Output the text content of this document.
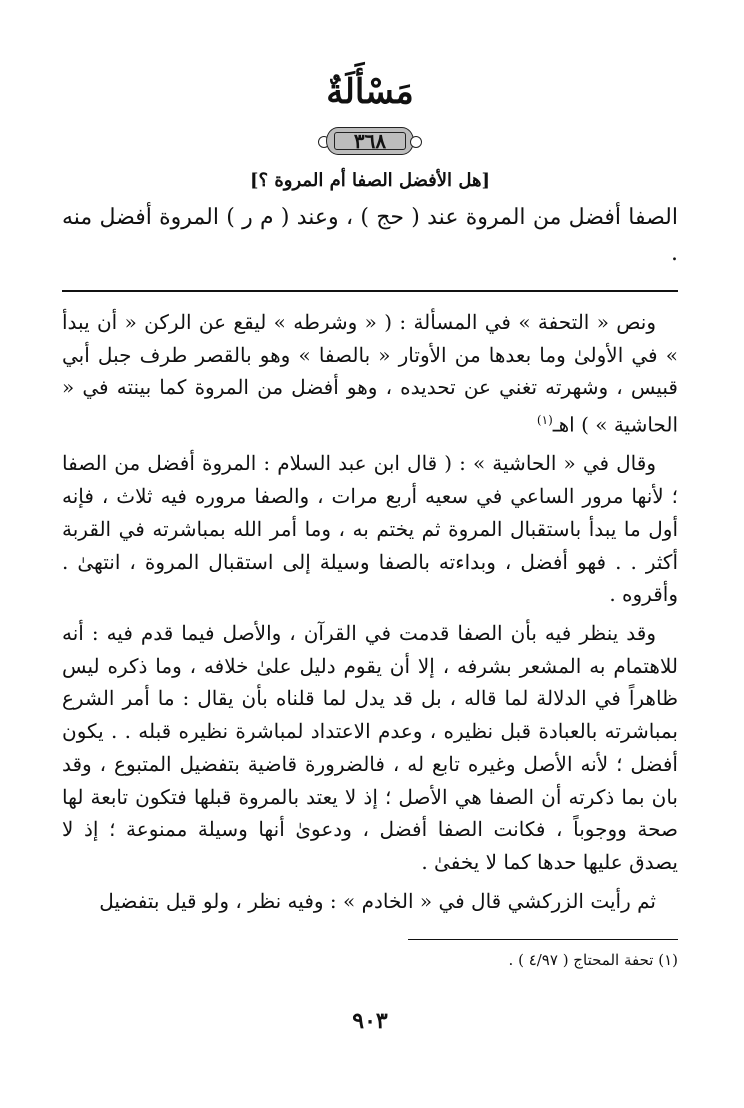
مَسْأَلَةٌ
٣٦٨
[هل الأفضل الصفا أم المروة ؟]
الصفا أفضل من المروة عند ( حج ) ، وعند ( م ر ) المروة أفضل منه .

ونص « التحفة » في المسألة : ( « وشرطه » ليقع عن الركن « أن يبدأ » في الأولىٰ وما بعدها من الأوتار « بالصفا » وهو بالقصر طرف جبل أبي قبيس ، وشهرته تغني عن تحديده ، وهو أفضل من المروة كما بينته في « الحاشية » ) اهـ$^{(١)}$

وقال في « الحاشية » : ( قال ابن عبد السلام : المروة أفضل من الصفا ؛ لأنها مرور الساعي في سعيه أربع مرات ، والصفا مروره فيه ثلاث ، فإنه أول ما يبدأ باستقبال المروة ثم يختم به ، وما أمر الله بمباشرته في القربة أكثر . . فهو أفضل ، وبداءته بالصفا وسيلة إلى استقبال المروة ، انتهىٰ . وأقروه .

وقد ينظر فيه بأن الصفا قدمت في القرآن ، والأصل فيما قدم فيه : أنه للاهتمام به المشعر بشرفه ، إلا أن يقوم دليل علىٰ خلافه ، وما ذكره ليس ظاهراً في الدلالة لما قاله ، بل قد يدل لما قلناه بأن يقال : ما أمر الشرع بمباشرته بالعبادة قبل نظيره ، وعدم الاعتداد لمباشرة نظيره قبله . . يكون أفضل ؛ لأنه الأصل وغيره تابع له ، فالضرورة قاضية بتفضيل المتبوع ، وقد بان بما ذكرته أن الصفا هي الأصل ؛ إذ لا يعتد بالمروة قبلها فتكون تابعة لها صحة ووجوباً ، فكانت الصفا أفضل ، ودعوىٰ أنها وسيلة ممنوعة ؛ إذ لا يصدق عليها حدها كما لا يخفىٰ .

ثم رأيت الزركشي قال في « الخادم » : وفيه نظر ، ولو قيل بتفضيل

(١) تحفة المحتاج ( ٤/٩٧ ) .
٩٠٣
